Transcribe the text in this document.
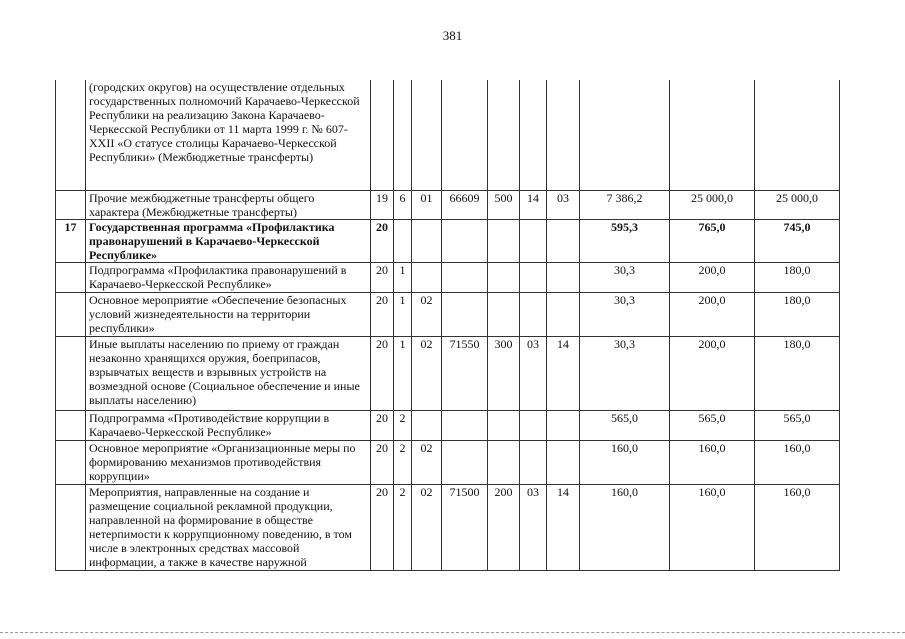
381
	(городских округов) на осуществление отдельных государственных полномочий Карачаево-Черкесской Республики на реализацию Закона Карачаево-Черкесской Республики от 11 марта 1999 г. № 607-XXII «О статусе столицы Карачаево-Черкесской Республики» (Межбюджетные трансферты)										
	Прочие межбюджетные трансферты общего характера (Межбюджетные трансферты)	19	6	01	66609	500	14	03	7 386,2	25 000,0	25 000,0
17	Государственная программа «Профилактика правонарушений в Карачаево-Черкесской Республике»	20							595,3	765,0	745,0
	Подпрограмма «Профилактика правонарушений в Карачаево-Черкесской Республике»	20	1						30,3	200,0	180,0
	Основное мероприятие «Обеспечение безопасных условий жизнедеятельности на территории республики»	20	1	02					30,3	200,0	180,0
	Иные выплаты населению по приему от граждан незаконно хранящихся оружия, боеприпасов, взрывчатых веществ и взрывных устройств на возмездной основе (Социальное обеспечение и иные выплаты населению)	20	1	02	71550	300	03	14	30,3	200,0	180,0
	Подпрограмма «Противодействие коррупции в Карачаево-Черкесской Республике»	20	2						565,0	565,0	565,0
	Основное мероприятие «Организационные меры по формированию механизмов противодействия коррупции»	20	2	02					160,0	160,0	160,0
	Мероприятия, направленные на создание и размещение социальной рекламной продукции, направленной на формирование в обществе нетерпимости к коррупционному поведению, в том числе в электронных средствах массовой информации, а также в качестве наружной	20	2	02	71500	200	03	14	160,0	160,0	160,0
